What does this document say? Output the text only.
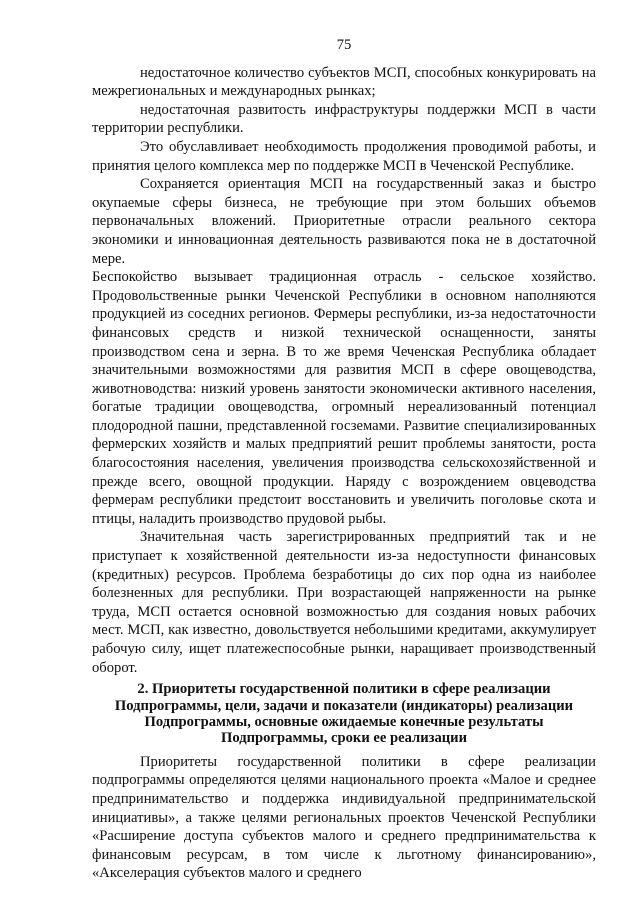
75

недостаточное количество субъектов МСП, способных конкурировать на межрегиональных и международных рынках;

недостаточная развитость инфраструктуры поддержки МСП в части территории республики.

Это обуславливает необходимость продолжения проводимой работы, и принятия целого комплекса мер по поддержке МСП в Чеченской Республике.

Сохраняется ориентация МСП на государственный заказ и быстро окупаемые сферы бизнеса, не требующие при этом больших объемов первоначальных вложений. Приоритетные отрасли реального сектора экономики и инновационная деятельность развиваются пока не в достаточной мере.

Беспокойство вызывает традиционная отрасль - сельское хозяйство. Продовольственные рынки Чеченской Республики в основном наполняются продукцией из соседних регионов. Фермеры республики, из-за недостаточности финансовых средств и низкой технической оснащенности, заняты производством сена и зерна. В то же время Чеченская Республика обладает значительными возможностями для развития МСП в сфере овощеводства, животноводства: низкий уровень занятости экономически активного населения, богатые традиции овощеводства, огромный нереализованный потенциал плодородной пашни, представленной госземами. Развитие специализированных фермерских хозяйств и малых предприятий решит проблемы занятости, роста благосостояния населения, увеличения производства сельскохозяйственной и прежде всего, овощной продукции. Наряду с возрождением овцеводства фермерам республики предстоит восстановить и увеличить поголовье скота и птицы, наладить производство прудовой рыбы.

Значительная часть зарегистрированных предприятий так и не приступает к хозяйственной деятельности из-за недоступности финансовых (кредитных) ресурсов. Проблема безработицы до сих пор одна из наиболее болезненных для республики. При возрастающей напряженности на рынке труда, МСП остается основной возможностью для создания новых рабочих мест. МСП, как известно, довольствуется небольшими кредитами, аккумулирует рабочую силу, ищет платежеспособные рынки, наращивает производственный оборот.

2. Приоритеты государственной политики в сфере реализации Подпрограммы, цели, задачи и показатели (индикаторы) реализации Подпрограммы, основные ожидаемые конечные результаты Подпрограммы, сроки ее реализации

Приоритеты государственной политики в сфере реализации подпрограммы определяются целями национального проекта «Малое и среднее предпринимательство и поддержка индивидуальной предпринимательской инициативы», а также целями региональных проектов Чеченской Республики «Расширение доступа субъектов малого и среднего предпринимательства к финансовым ресурсам, в том числе к льготному финансированию», «Акселерация субъектов малого и среднего
